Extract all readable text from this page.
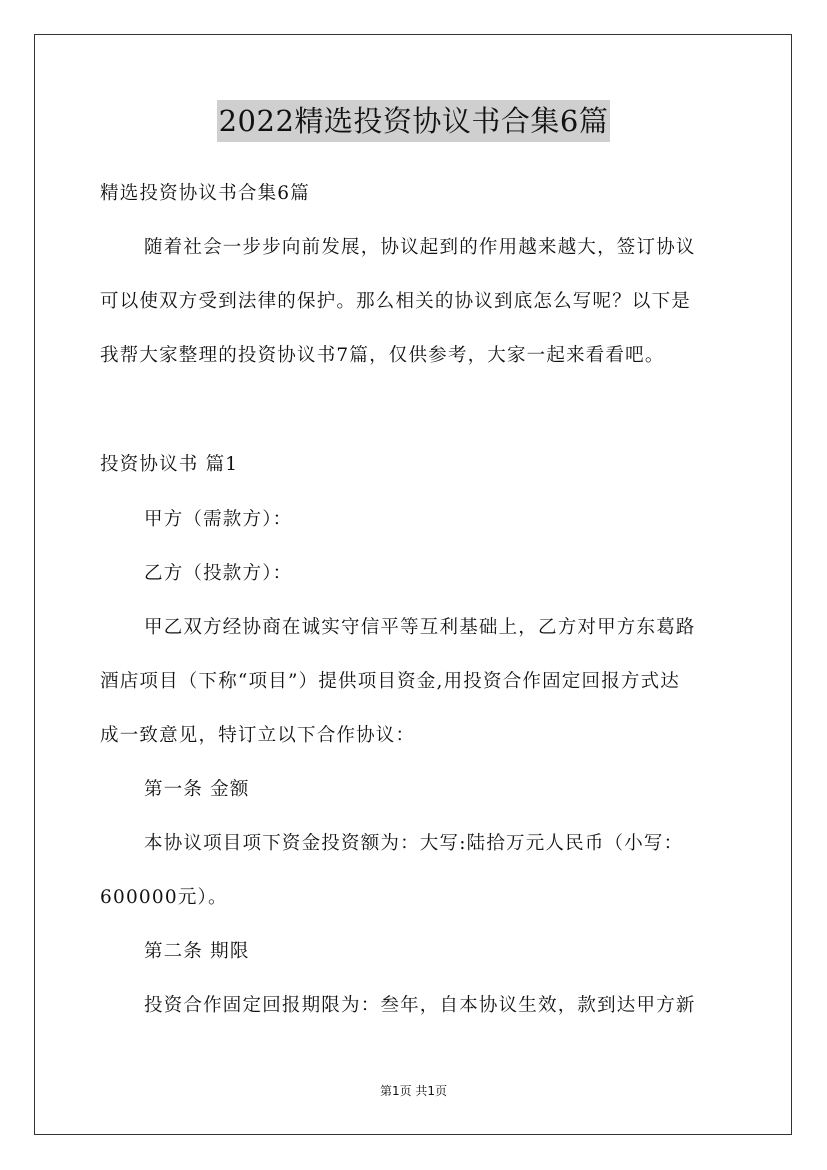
2022精选投资协议书合集6篇
精选投资协议书合集6篇
随着社会一步步向前发展，协议起到的作用越来越大，签订协议
可以使双方受到法律的保护。那么相关的协议到底怎么写呢？以下是
我帮大家整理的投资协议书7篇，仅供参考，大家一起来看看吧。
投资协议书 篇1
甲方（需款方）：
乙方（投款方）：
甲乙双方经协商在诚实守信平等互利基础上，乙方对甲方东葛路
酒店项目（下称“项目”）提供项目资金,用投资合作固定回报方式达
成一致意见，特订立以下合作协议：
第一条 金额
本协议项目项下资金投资额为：大写:陆拾万元人民币（小写：
600000元）。
第二条 期限
投资合作固定回报期限为：叁年，自本协议生效，款到达甲方新
第1页 共1页
